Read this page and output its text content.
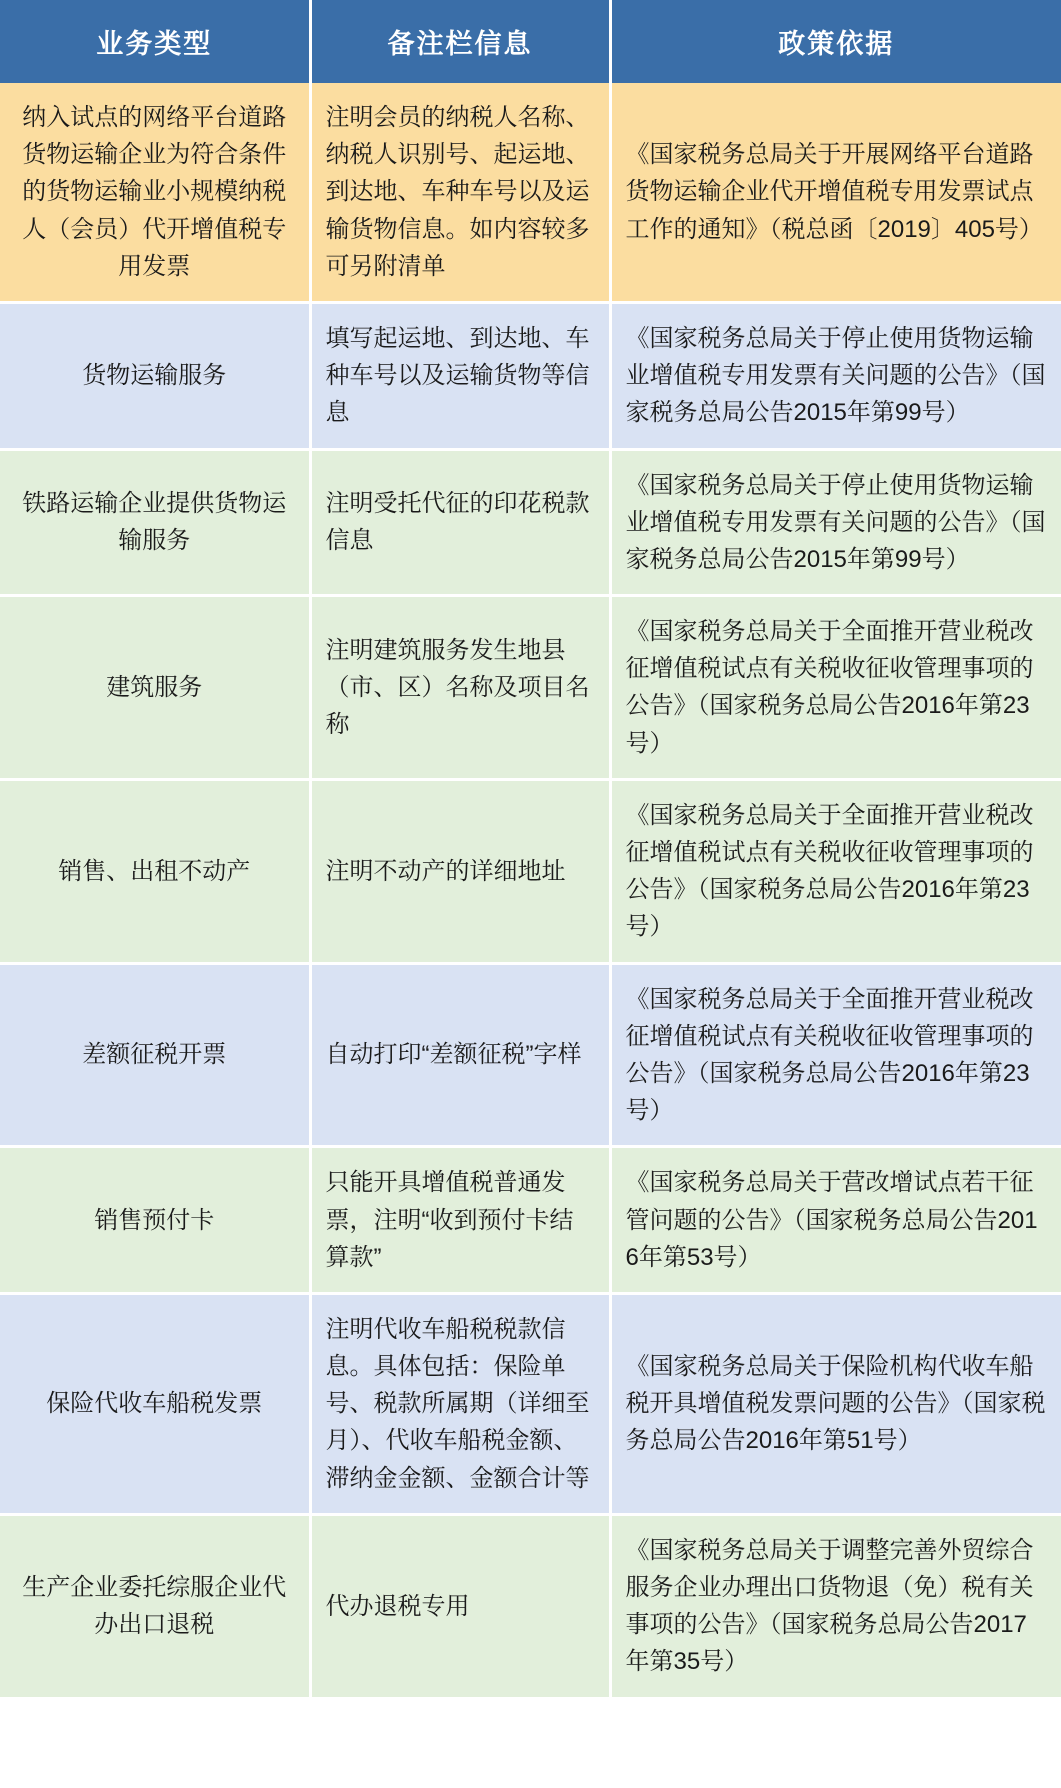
业务类型	备注栏信息	政策依据
纳入试点的网络平台道路货物运输企业为符合条件的货物运输业小规模纳税人（会员）代开增值税专用发票	注明会员的纳税人名称、纳税人识别号、起运地、到达地、车种车号以及运输货物信息。如内容较多可另附清单	《国家税务总局关于开展网络平台道路货物运输企业代开增值税专用发票试点工作的通知》（税总函〔2019〕405号）
货物运输服务	填写起运地、到达地、车种车号以及运输货物等信息	《国家税务总局关于停止使用货物运输业增值税专用发票有关问题的公告》（国家税务总局公告2015年第99号）
铁路运输企业提供货物运输服务	注明受托代征的印花税款信息	《国家税务总局关于停止使用货物运输业增值税专用发票有关问题的公告》（国家税务总局公告2015年第99号）
建筑服务	注明建筑服务发生地县（市、区）名称及项目名称	《国家税务总局关于全面推开营业税改征增值税试点有关税收征收管理事项的公告》（国家税务总局公告2016年第23号）
销售、出租不动产	注明不动产的详细地址	《国家税务总局关于全面推开营业税改征增值税试点有关税收征收管理事项的公告》（国家税务总局公告2016年第23号）
差额征税开票	自动打印“差额征税”字样	《国家税务总局关于全面推开营业税改征增值税试点有关税收征收管理事项的公告》（国家税务总局公告2016年第23号）
销售预付卡	只能开具增值税普通发票，注明“收到预付卡结算款”	《国家税务总局关于营改增试点若干征管问题的公告》（国家税务总局公告2016年第53号）
保险代收车船税发票	注明代收车船税税款信息。具体包括：保险单号、税款所属期（详细至月）、代收车船税金额、滞纳金金额、金额合计等	《国家税务总局关于保险机构代收车船税开具增值税发票问题的公告》（国家税务总局公告2016年第51号）
生产企业委托综服企业代办出口退税	代办退税专用	《国家税务总局关于调整完善外贸综合服务企业办理出口货物退（免）税有关事项的公告》（国家税务总局公告2017年第35号）
